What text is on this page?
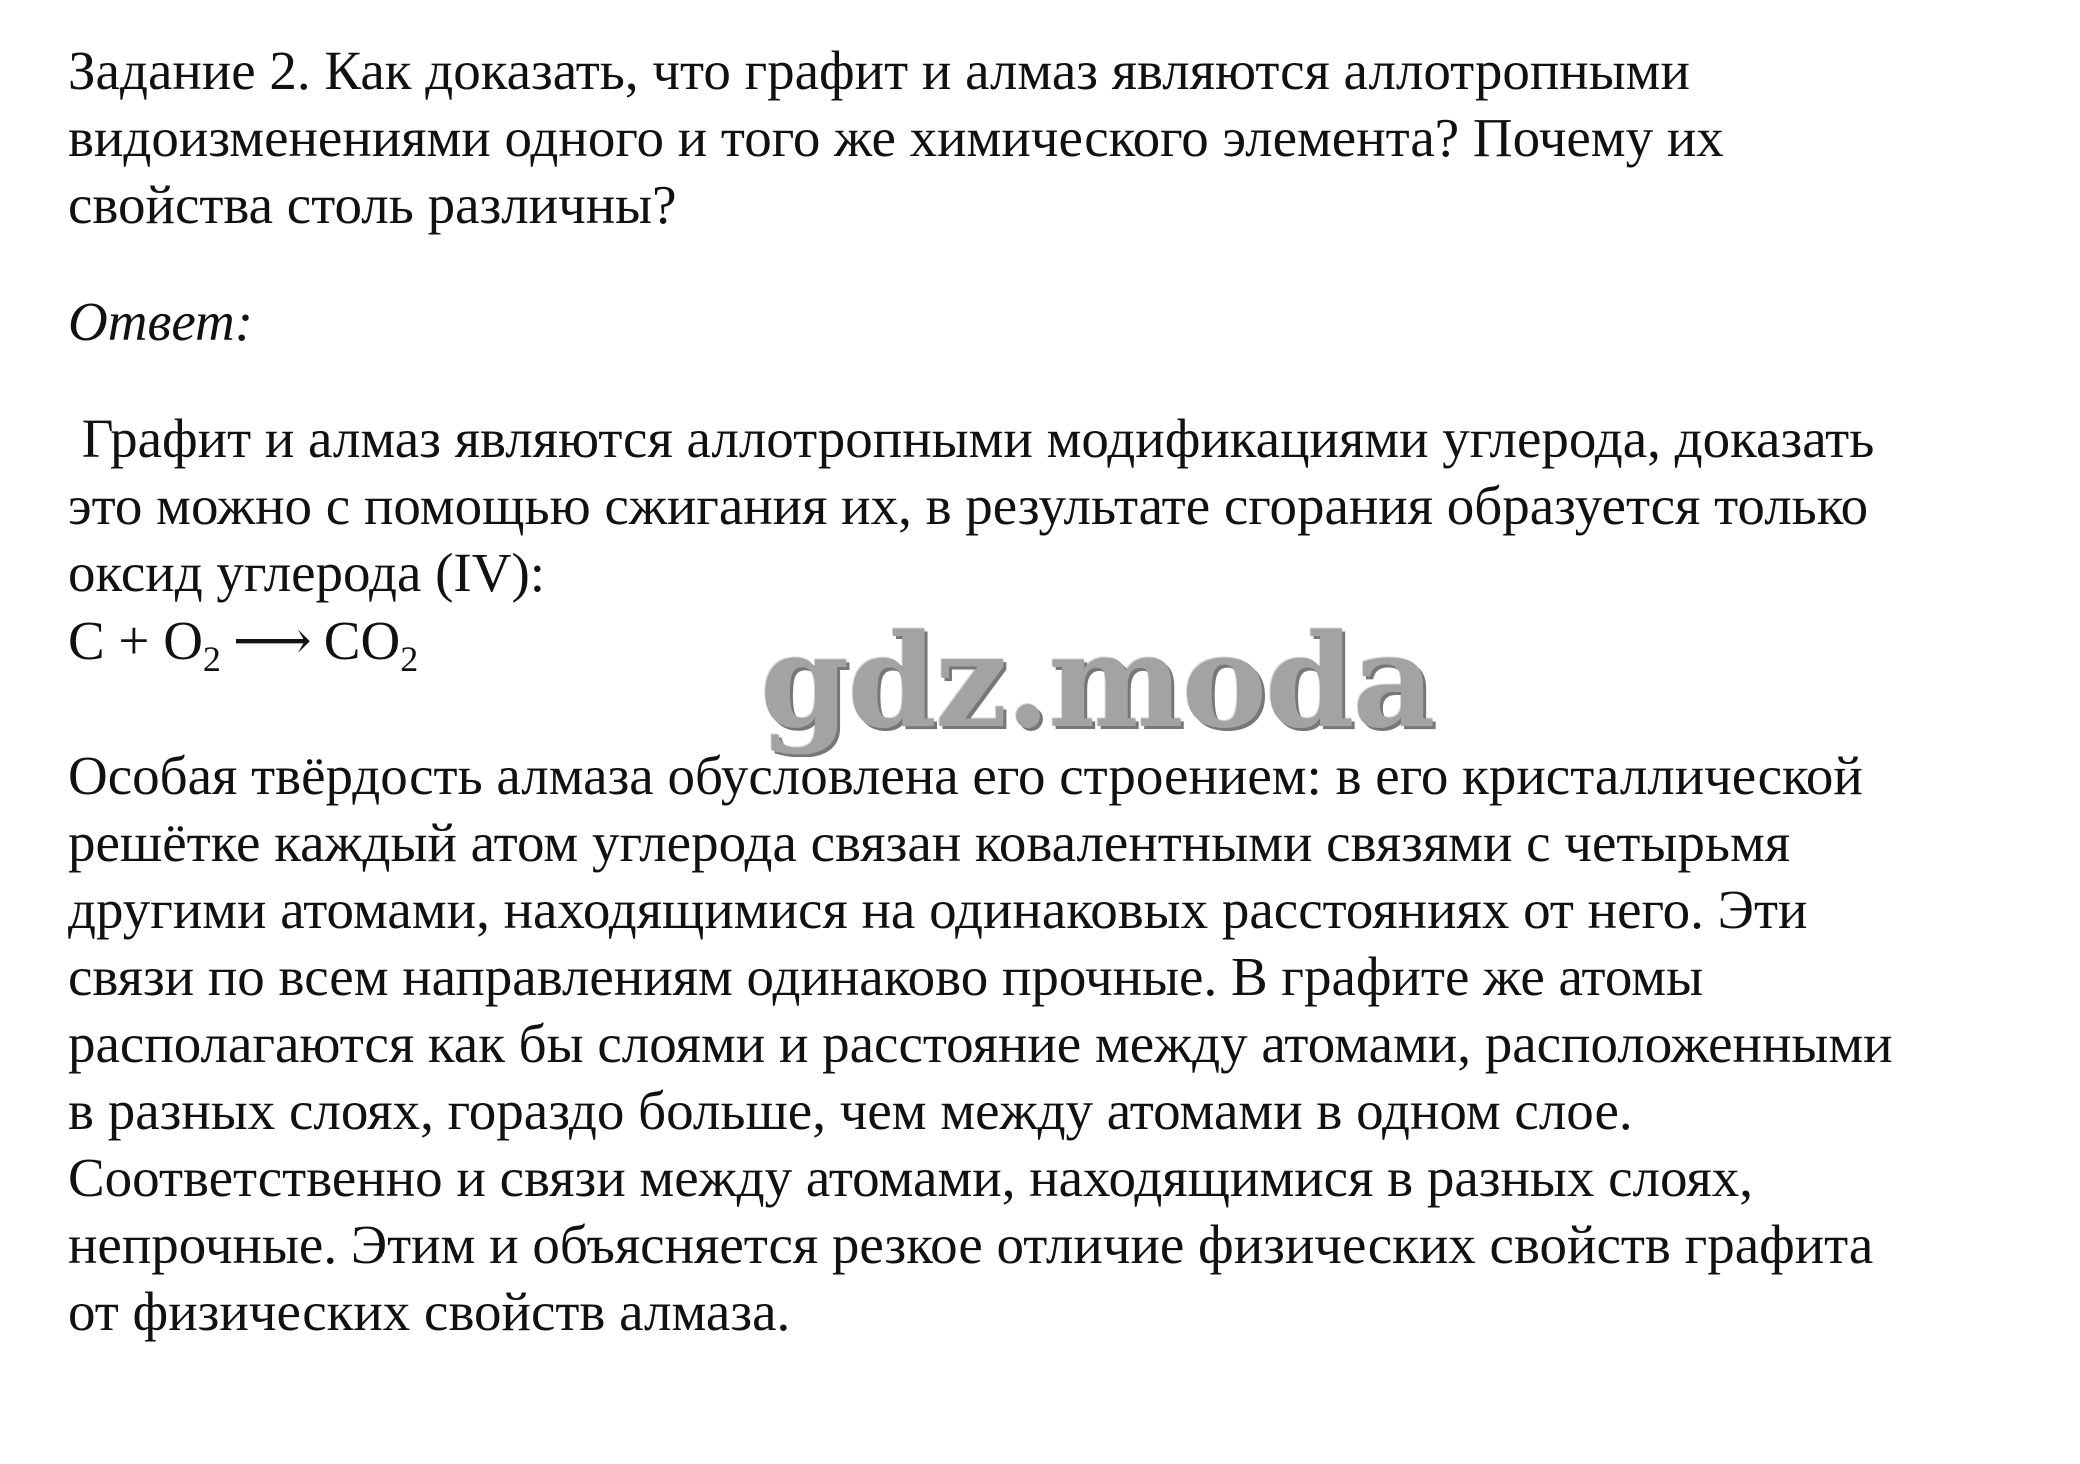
Задание 2. Как доказать, что графит и алмаз являются аллотропными
видоизменениями одного и того же химического элемента? Почему их
свойства столь различны?
Ответ:
Графит и алмаз являются аллотропными модификациями углерода, доказать
это можно с помощью сжигания их, в результате сгорания образуется только
оксид углерода (IV):
$C + O_2$ ⟶ $CO_2$
Особая твёрдость алмаза обусловлена его строением: в его кристаллической
решётке каждый атом углерода связан ковалентными связями с четырьмя
другими атомами, находящимися на одинаковых расстояниях от него. Эти
связи по всем направлениям одинаково прочные. В графите же атомы
располагаются как бы слоями и расстояние между атомами, расположенными
в разных слоях, гораздо больше, чем между атомами в одном слое.
Соответственно и связи между атомами, находящимися в разных слоях,
непрочные. Этим и объясняется резкое отличие физических свойств графита
от физических свойств алмаза.
gdz.moda
